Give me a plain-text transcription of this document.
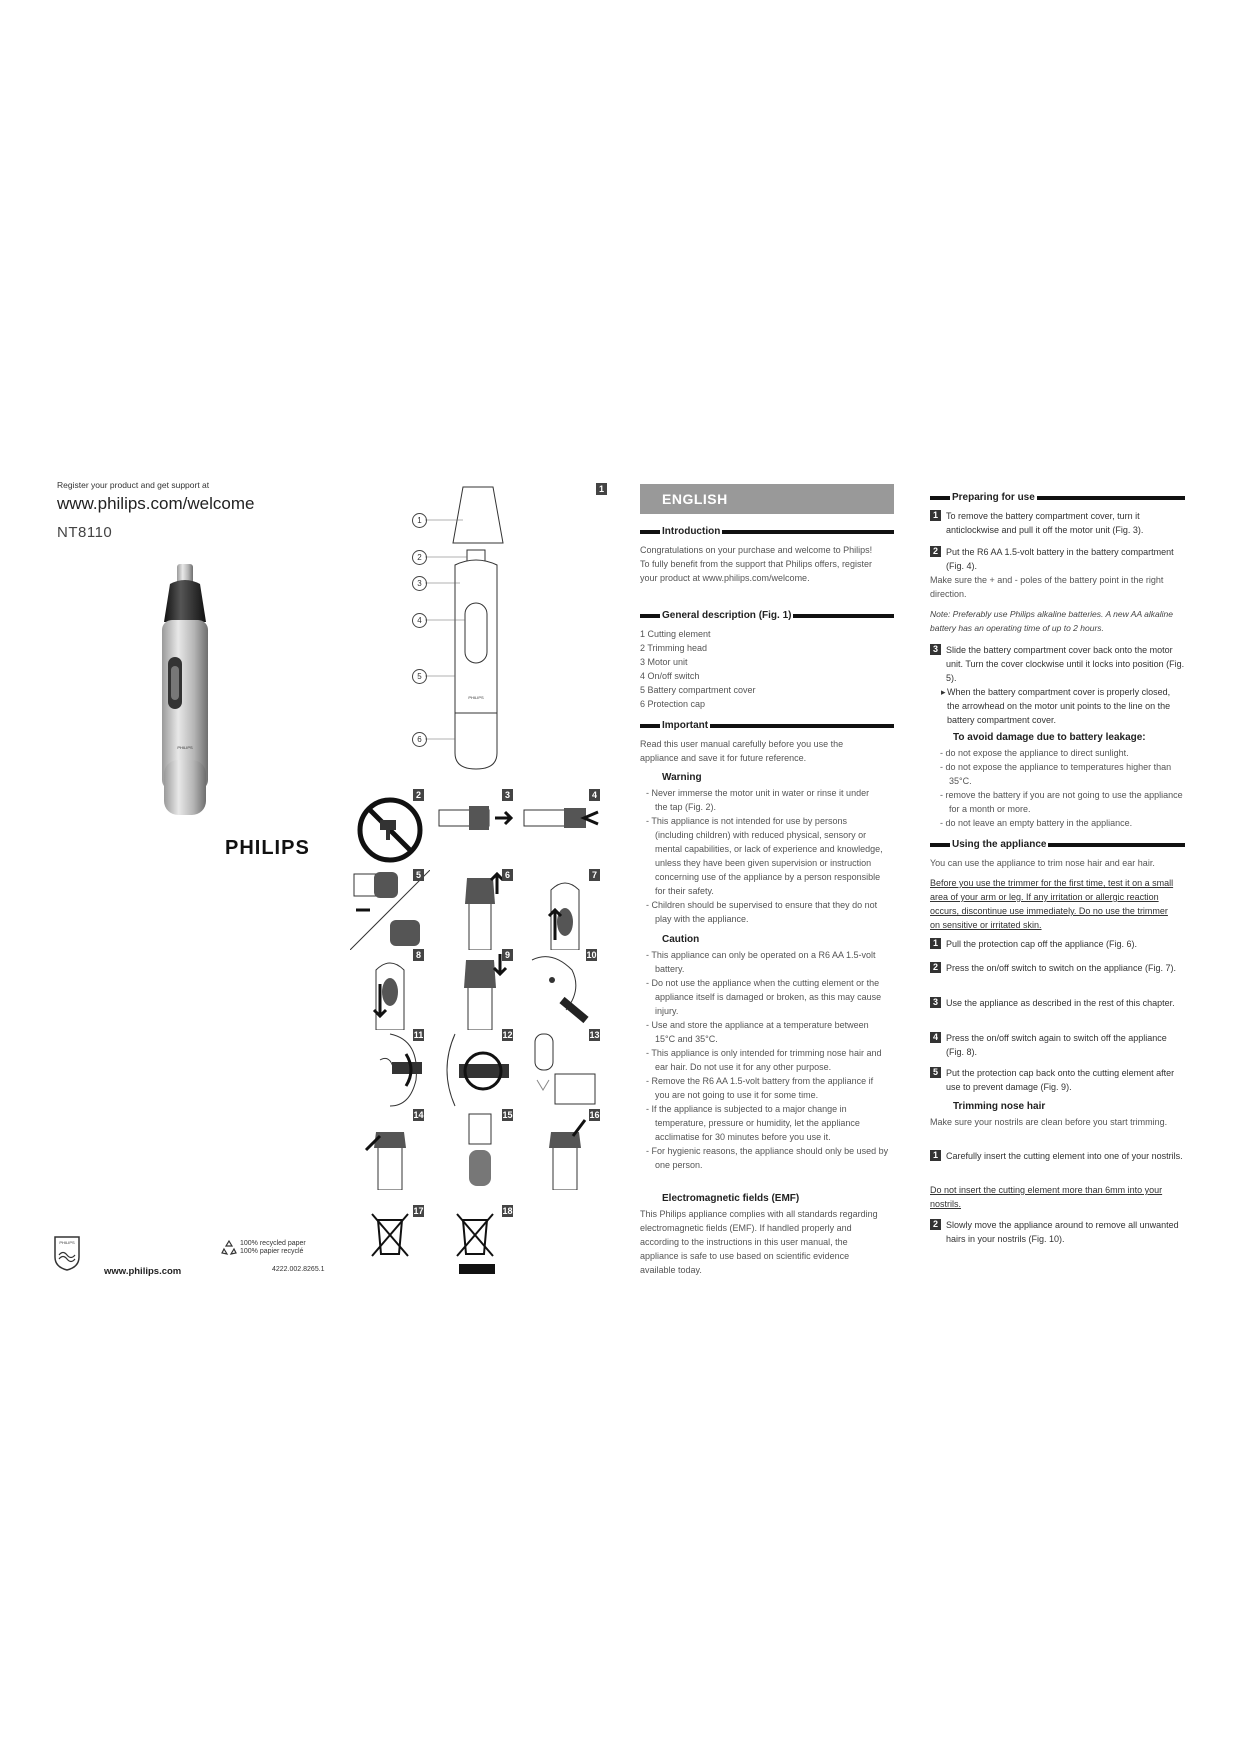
Register your product and get support at
www.philips.com/welcome
NT8110
PHILIPS
PHILIPS
PHILIPS
www.philips.com
100% recycled paper
100% papier recyclé
4222.002.8265.1
1
PHILIPS
1
2
3
4
5
6
2	3	4
5	6	7
8	9	10
11	12	13
14	15	16
17	18
ENGLISH
Introduction
Congratulations on your purchase and welcome to Philips! To fully benefit from the support that Philips offers, register your product at www.philips.com/welcome.
General description (Fig. 1)
1 Cutting element
2 Trimming head
3 Motor unit
4 On/off switch
5 Battery compartment cover
6 Protection cap
Important
Read this user manual carefully before you use the appliance and save it for future reference.
Warning
- Never immerse the motor unit in water or rinse it under the tap (Fig. 2).
- This appliance is not intended for use by persons (including children) with reduced physical, sensory or mental capabilities, or lack of experience and knowledge, unless they have been given supervision or instruction concerning use of the appliance by a person responsible for their safety.
- Children should be supervised to ensure that they do not play with the appliance.
Caution
- This appliance can only be operated on a R6 AA 1.5-volt battery.
- Do not use the appliance when the cutting element or the appliance itself is damaged or broken, as this may cause injury.
- Use and store the appliance at a temperature between 15°C and 35°C.
- This appliance is only intended for trimming nose hair and ear hair. Do not use it for any other purpose.
- Remove the R6 AA 1.5-volt battery from the appliance if you are not going to use it for some time.
- If the appliance is subjected to a major change in temperature, pressure or humidity, let the appliance acclimatise for 30 minutes before you use it.
- For hygienic reasons, the appliance should only be used by one person.
Electromagnetic fields (EMF)
This Philips appliance complies with all standards regarding electromagnetic fields (EMF). If handled properly and according to the instructions in this user manual, the appliance is safe to use based on scientific evidence available today.
Preparing for use
1 To remove the battery compartment cover, turn it anticlockwise and pull it off the motor unit (Fig. 3).
2 Put the R6 AA 1.5-volt battery in the battery compartment (Fig. 4).
Make sure the + and - poles of the battery point in the right direction.
Note: Preferably use Philips alkaline batteries. A new AA alkaline battery has an operating time of up to 2 hours.
3 Slide the battery compartment cover back onto the motor unit. Turn the cover clockwise until it locks into position (Fig. 5).
▸ When the battery compartment cover is properly closed, the arrowhead on the motor unit points to the line on the battery compartment cover.
To avoid damage due to battery leakage:
- do not expose the appliance to direct sunlight.
- do not expose the appliance to temperatures higher than 35°C.
- remove the battery if you are not going to use the appliance for a month or more.
- do not leave an empty battery in the appliance.
Using the appliance
You can use the appliance to trim nose hair and ear hair.
Before you use the trimmer for the first time, test it on a small area of your arm or leg. If any irritation or allergic reaction occurs, discontinue use immediately. Do no use the trimmer on sensitive or irritated skin.
1 Pull the protection cap off the appliance (Fig. 6).
2 Press the on/off switch to switch on the appliance (Fig. 7).
3 Use the appliance as described in the rest of this chapter.
4 Press the on/off switch again to switch off the appliance (Fig. 8).
5 Put the protection cap back onto the cutting element after use to prevent damage (Fig. 9).
Trimming nose hair
Make sure your nostrils are clean before you start trimming.
1 Carefully insert the cutting element into one of your nostrils.
Do not insert the cutting element more than 6mm into your nostrils.
2 Slowly move the appliance around to remove all unwanted hairs in your nostrils (Fig. 10).
